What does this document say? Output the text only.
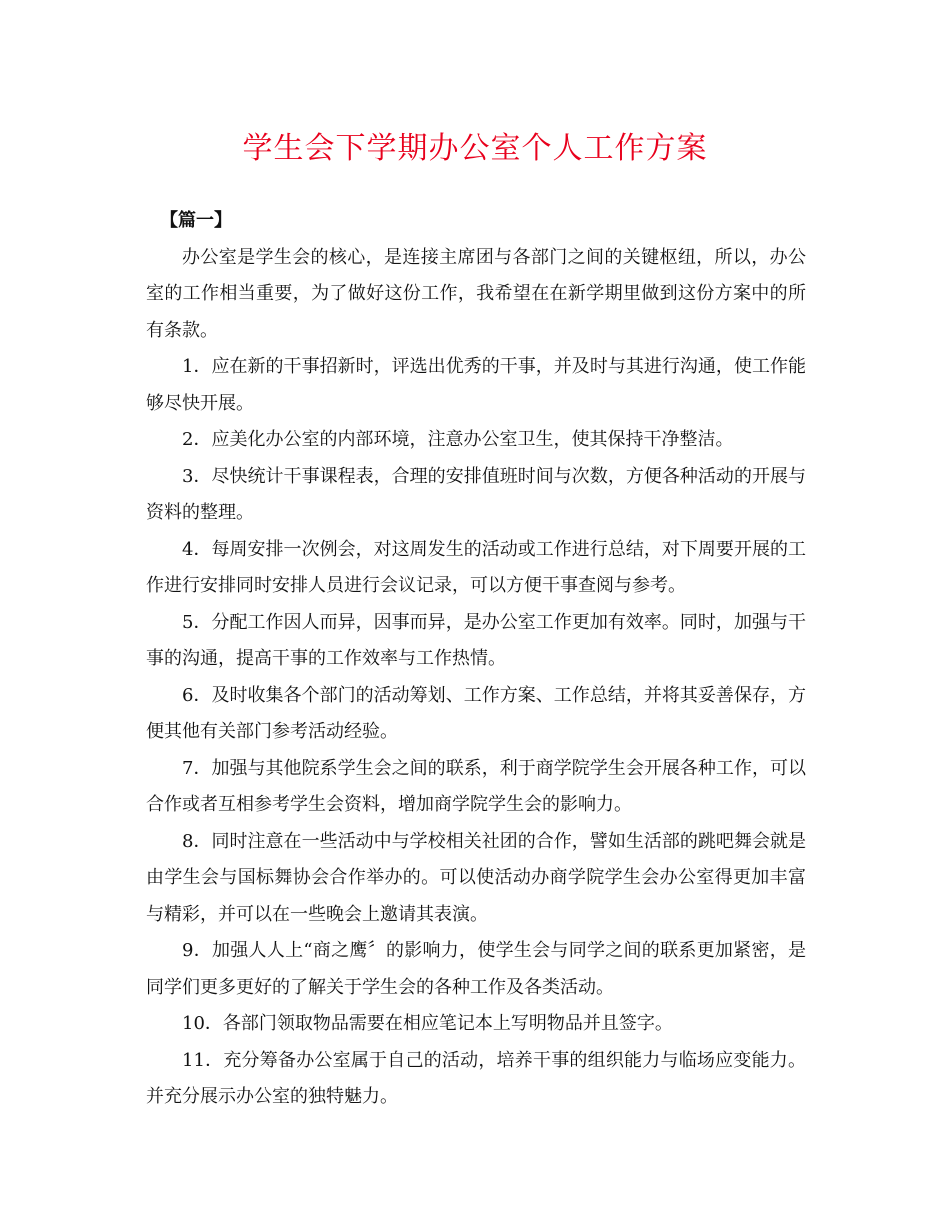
学生会下学期办公室个人工作方案

【篇一】

办公室是学生会的核心，是连接主席团与各部门之间的关键枢纽，所以，办公室的工作相当重要，为了做好这份工作，我希望在在新学期里做到这份方案中的所有条款。

1．应在新的干事招新时，评选出优秀的干事，并及时与其进行沟通，使工作能够尽快开展。

2．应美化办公室的内部环境，注意办公室卫生，使其保持干净整洁。

3．尽快统计干事课程表，合理的安排值班时间与次数，方便各种活动的开展与资料的整理。

4．每周安排一次例会，对这周发生的活动或工作进行总结，对下周要开展的工作进行安排同时安排人员进行会议记录，可以方便干事查阅与参考。

5．分配工作因人而异，因事而异，是办公室工作更加有效率。同时，加强与干事的沟通，提高干事的工作效率与工作热情。

6．及时收集各个部门的活动筹划、工作方案、工作总结，并将其妥善保存，方便其他有关部门参考活动经验。

7．加强与其他院系学生会之间的联系，利于商学院学生会开展各种工作，可以合作或者互相参考学生会资料，增加商学院学生会的影响力。

8．同时注意在一些活动中与学校相关社团的合作，譬如生活部的跳吧舞会就是由学生会与国标舞协会合作举办的。可以使活动办商学院学生会办公室得更加丰富与精彩，并可以在一些晚会上邀请其表演。

9．加强人人上“商之鹰〞的影响力，使学生会与同学之间的联系更加紧密，是同学们更多更好的了解关于学生会的各种工作及各类活动。

10．各部门领取物品需要在相应笔记本上写明物品并且签字。

11．充分筹备办公室属于自己的活动，培养干事的组织能力与临场应变能力。并充分展示办公室的独特魅力。
